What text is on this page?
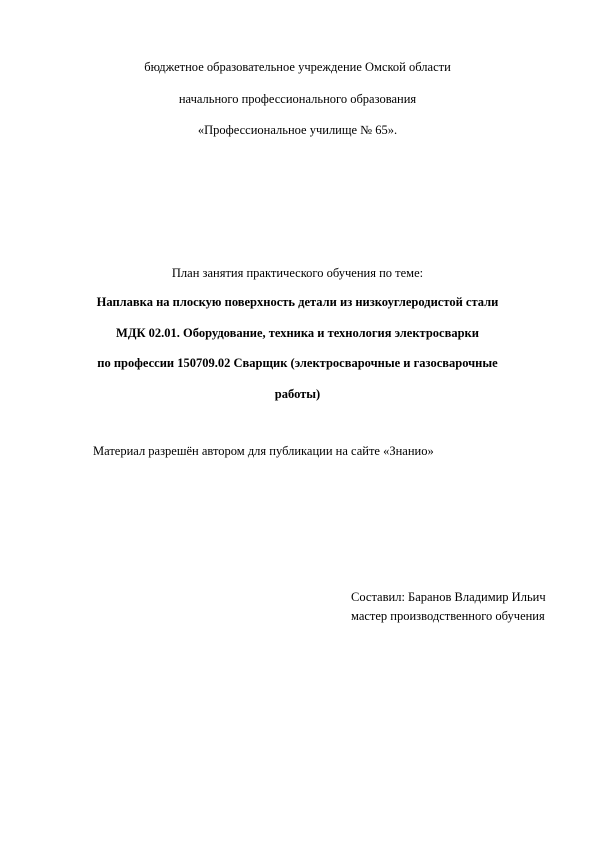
бюджетное образовательное учреждение Омской области
начального профессионального образования
«Профессиональное училище № 65».
План занятия практического обучения по теме:
Наплавка на плоскую поверхность детали из низкоуглеродистой стали
МДК 02.01. Оборудование, техника и технология электросварки
по профессии 150709.02 Сварщик (электросварочные и газосварочные
работы)
Материал разрешён автором для публикации на сайте «Знанио»
Составил: Баранов Владимир Ильич
мастер производственного обучения
